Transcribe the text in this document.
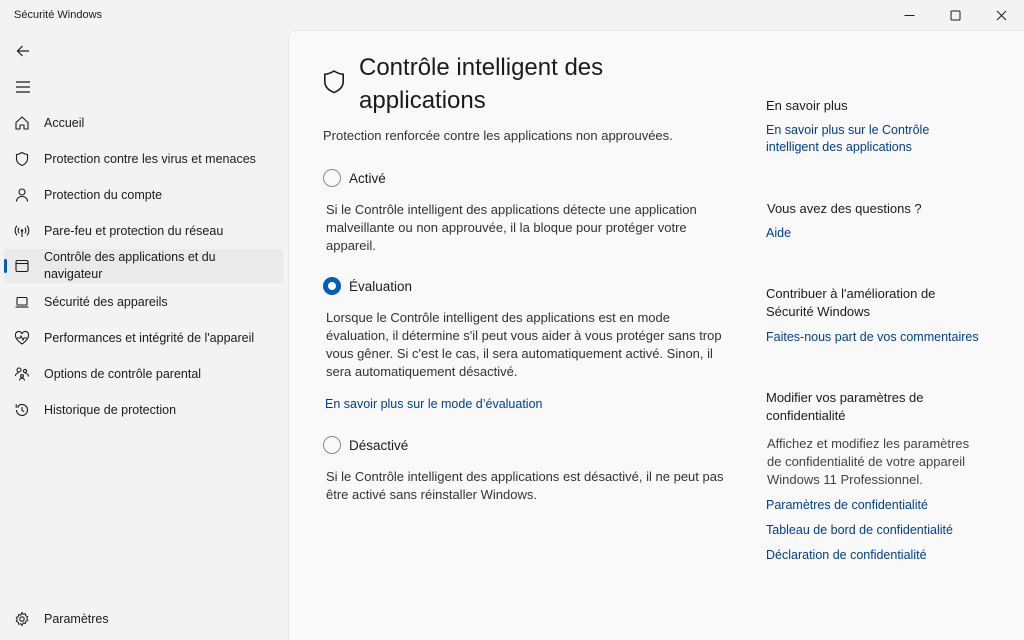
Sécurité Windows
Accueil
Protection contre les virus et menaces
Protection du compte
Pare-feu et protection du réseau
Contrôle des applications et du navigateur
Sécurité des appareils
Performances et intégrité de l'appareil
Options de contrôle parental
Historique de protection
Paramètres
Contrôle intelligent des applications

Protection renforcée contre les applications non approuvées.

Activé

Si le Contrôle intelligent des applications détecte une application malveillante ou non approuvée, il la bloque pour protéger votre appareil.

Évaluation

Lorsque le Contrôle intelligent des applications est en mode évaluation, il détermine s'il peut vous aider à vous protéger sans trop vous gêner. Si c'est le cas, il sera automatiquement activé. Sinon, il sera automatiquement désactivé.

En savoir plus sur le mode d’évaluation
Désactivé

Si le Contrôle intelligent des applications est désactivé, il ne peut pas être activé sans réinstaller Windows.

En savoir plus
En savoir plus sur le Contrôle intelligent des applications
Vous avez des questions ?
Aide
Contribuer à l'amélioration de Sécurité Windows
Faites-nous part de vos commentaires
Modifier vos paramètres de confidentialité

Affichez et modifiez les paramètres de confidentialité de votre appareil Windows 11 Professionnel.

Paramètres de confidentialité
Tableau de bord de confidentialité
Déclaration de confidentialité
